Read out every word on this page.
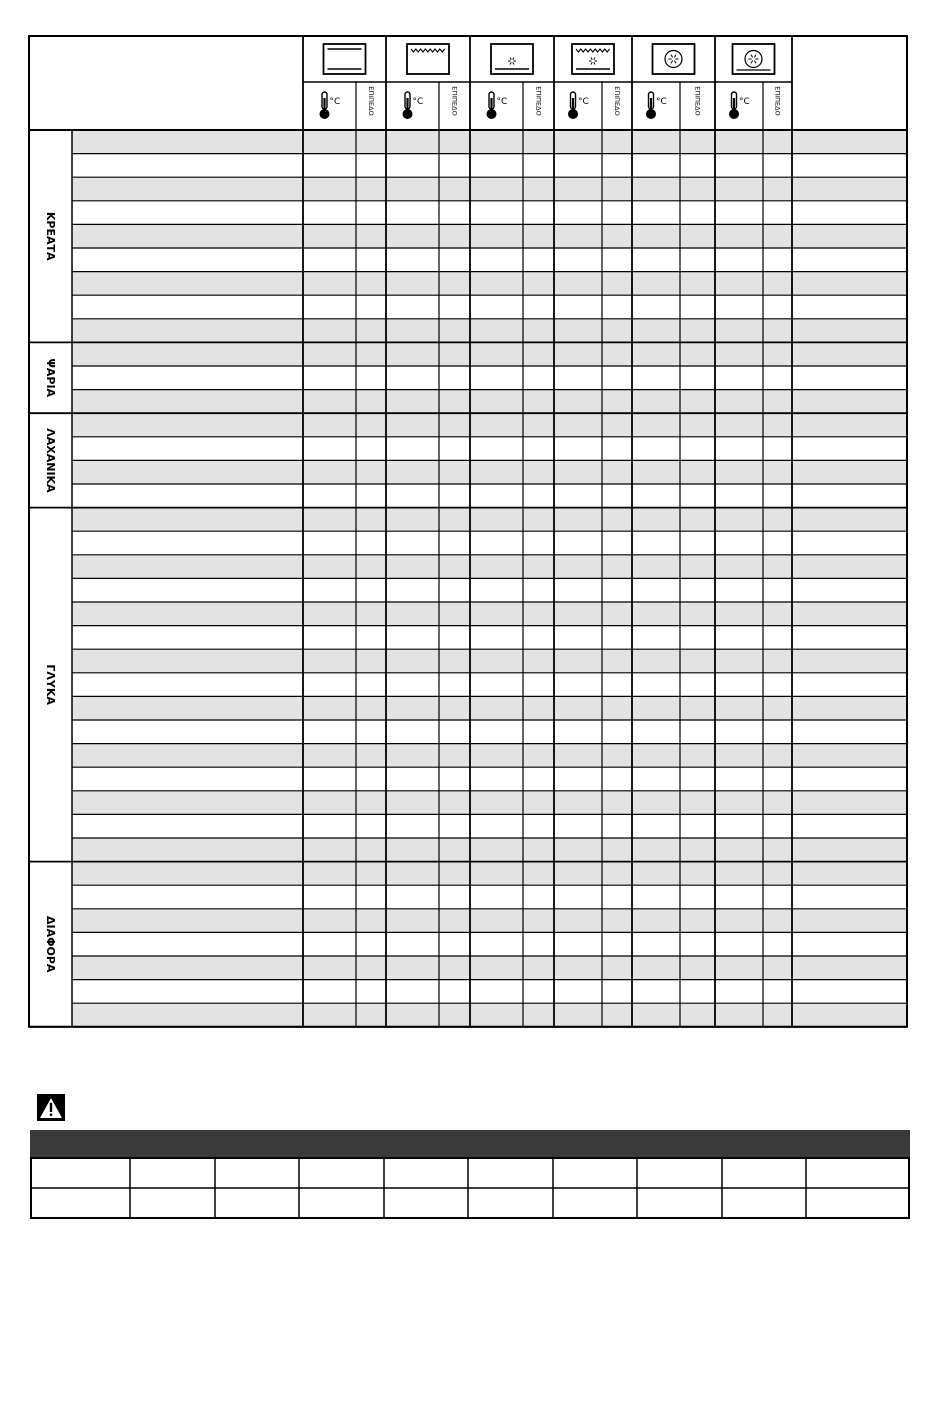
ΚΡΕΑΤΑ
ΨΑΡΙΑ
ΛΑΧΑΝΙΚΑ
ΓΛΥΚΑ
ΔΙΑΦΟΡΑ
°C	ΕΠΙΠΕΔΟ	°C	ΕΠΙΠΕΔΟ	°C	ΕΠΙΠΕΔΟ	°C	ΕΠΙΠΕΔΟ	°C	ΕΠΙΠΕΔΟ	°C	ΕΠΙΠΕΔΟ
